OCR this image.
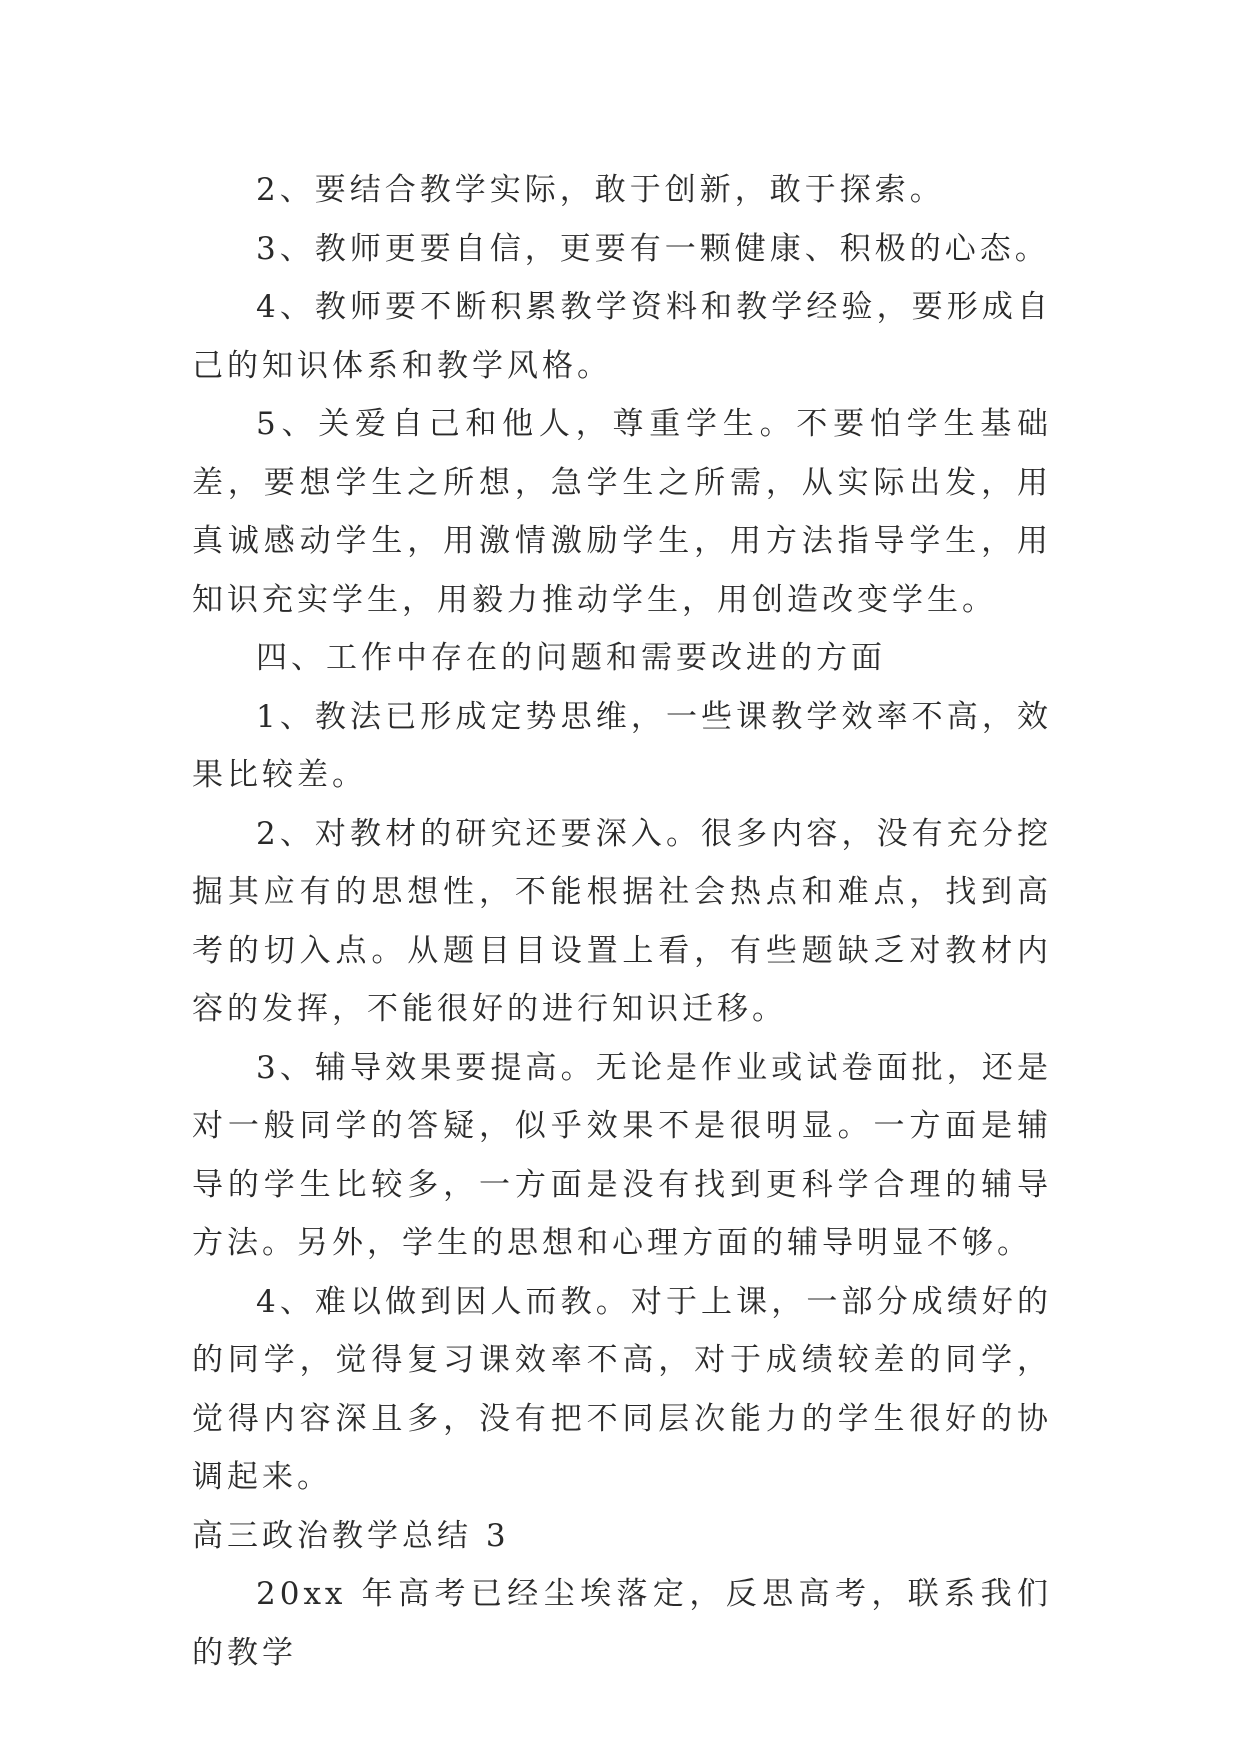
2、要结合教学实际，敢于创新，敢于探索。

3、教师更要自信，更要有一颗健康、积极的心态。

4、教师要不断积累教学资料和教学经验，要形成自己的知识体系和教学风格。

5、关爱自己和他人，尊重学生。不要怕学生基础差，要想学生之所想，急学生之所需，从实际出发，用真诚感动学生，用激情激励学生，用方法指导学生，用知识充实学生，用毅力推动学生，用创造改变学生。

四、工作中存在的问题和需要改进的方面

1、教法已形成定势思维，一些课教学效率不高，效果比较差。

2、对教材的研究还要深入。很多内容，没有充分挖掘其应有的思想性，不能根据社会热点和难点，找到高考的切入点。从题目目设置上看，有些题缺乏对教材内容的发挥，不能很好的进行知识迁移。

3、辅导效果要提高。无论是作业或试卷面批，还是对一般同学的答疑，似乎效果不是很明显。一方面是辅导的学生比较多，一方面是没有找到更科学合理的辅导方法。另外，学生的思想和心理方面的辅导明显不够。

4、难以做到因人而教。对于上课，一部分成绩好的的同学，觉得复习课效率不高，对于成绩较差的同学，觉得内容深且多，没有把不同层次能力的学生很好的协调起来。

高三政治教学总结 3

20xx 年高考已经尘埃落定，反思高考，联系我们的教学
